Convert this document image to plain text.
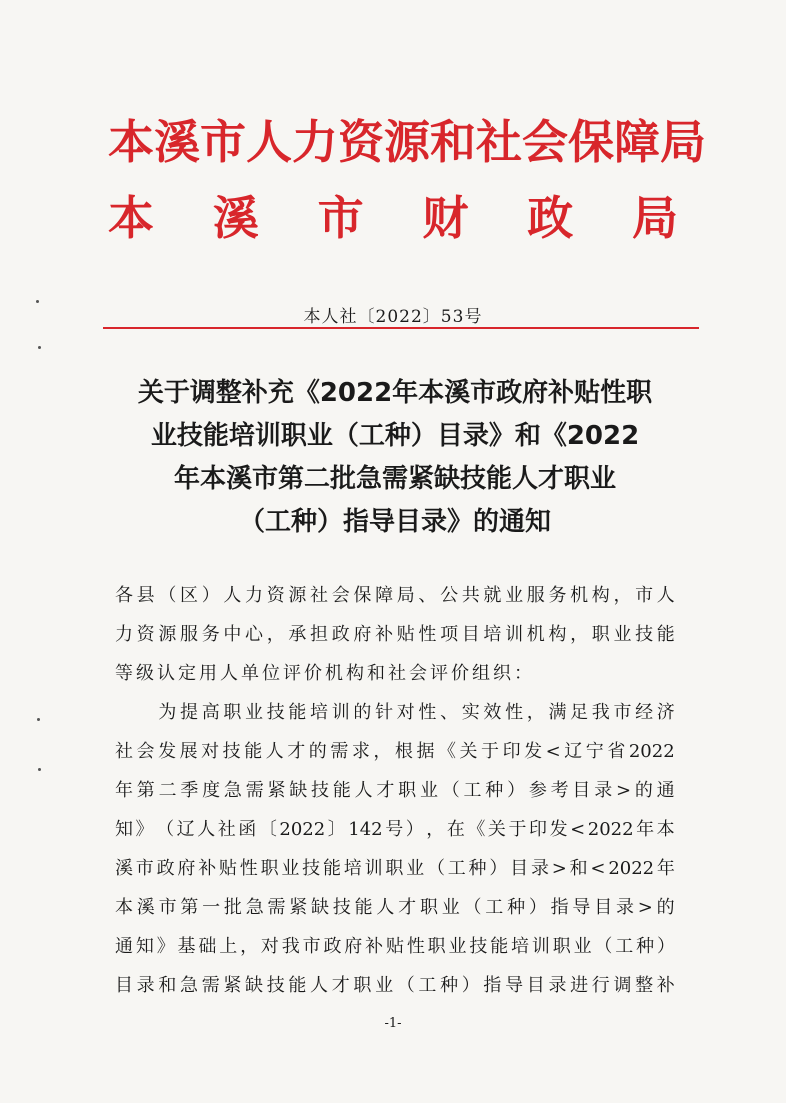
本 溪 市 人 力 资 源 和 社 会 保 障 局
本 溪 市 财 政 局
本人社〔2022〕53号
关于调整补充《2022年本溪市政府补贴性职
业技能培训职业（工种）目录》和《2022
年本溪市第二批急需紧缺技能人才职业
（工种）指导目录》的通知
各 县 （ 区 ） 人 力 资 源 社 会 保 障 局 、 公 共 就 业 服 务 机 构 ， 市 人
力 资 源 服 务 中 心 ， 承 担 政 府 补 贴 性 项 目 培 训 机 构 ， 职 业 技 能
等 级 认 定 用 人 单 位 评 价 机 构 和 社 会 评 价 组 织 ：

为 提 高 职 业 技 能 培 训 的 针 对 性 、 实 效 性 ， 满 足 我 市 经 济
社 会 发 展 对 技 能 人 才 的 需 求 ， 根 据 《 关 于 印 发 < 辽 宁 省 2022
年 第 二 季 度 急 需 紧 缺 技 能 人 才 职 业 （ 工 种 ） 参 考 目 录 > 的 通
知 》 （ 辽 人 社 函 〔 2022 〕 142 号 ） ， 在 《 关 于 印 发 < 2022 年 本
溪 市 政 府 补 贴 性 职 业 技 能 培 训 职 业 （ 工 种 ） 目 录 > 和 < 2022 年
本 溪 市 第 一 批 急 需 紧 缺 技 能 人 才 职 业 （ 工 种 ） 指 导 目 录 > 的
通 知 》 基 础 上 ， 对 我 市 政 府 补 贴 性 职 业 技 能 培 训 职 业 （ 工 种 ）
目 录 和 急 需 紧 缺 技 能 人 才 职 业 （ 工 种 ） 指 导 目 录 进 行 调 整 补
-1-
